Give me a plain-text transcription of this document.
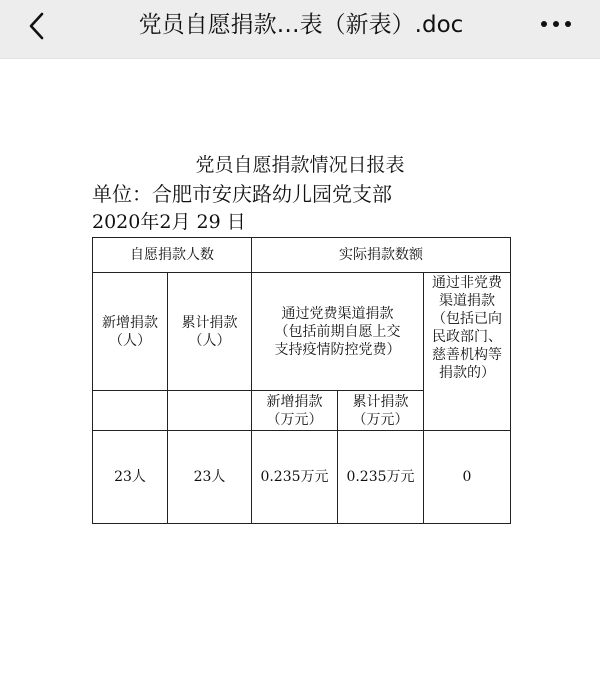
党员自愿捐款…表（新表）.doc
党员自愿捐款情况日报表
单位：合肥市安庆路幼儿园党支部
2020年2月 29 日
自愿捐款人数		实际捐款数额		
新增捐款（人）	累计捐款（人）	通过党费渠道捐款（包括前期自愿上交支持疫情防控党费）		通过非党费渠道捐款（包括已向民政部门、慈善机构等捐款的）
		新增捐款（万元）	累计捐款（万元）	
23人	23人	0.235万元	0.235万元	0
